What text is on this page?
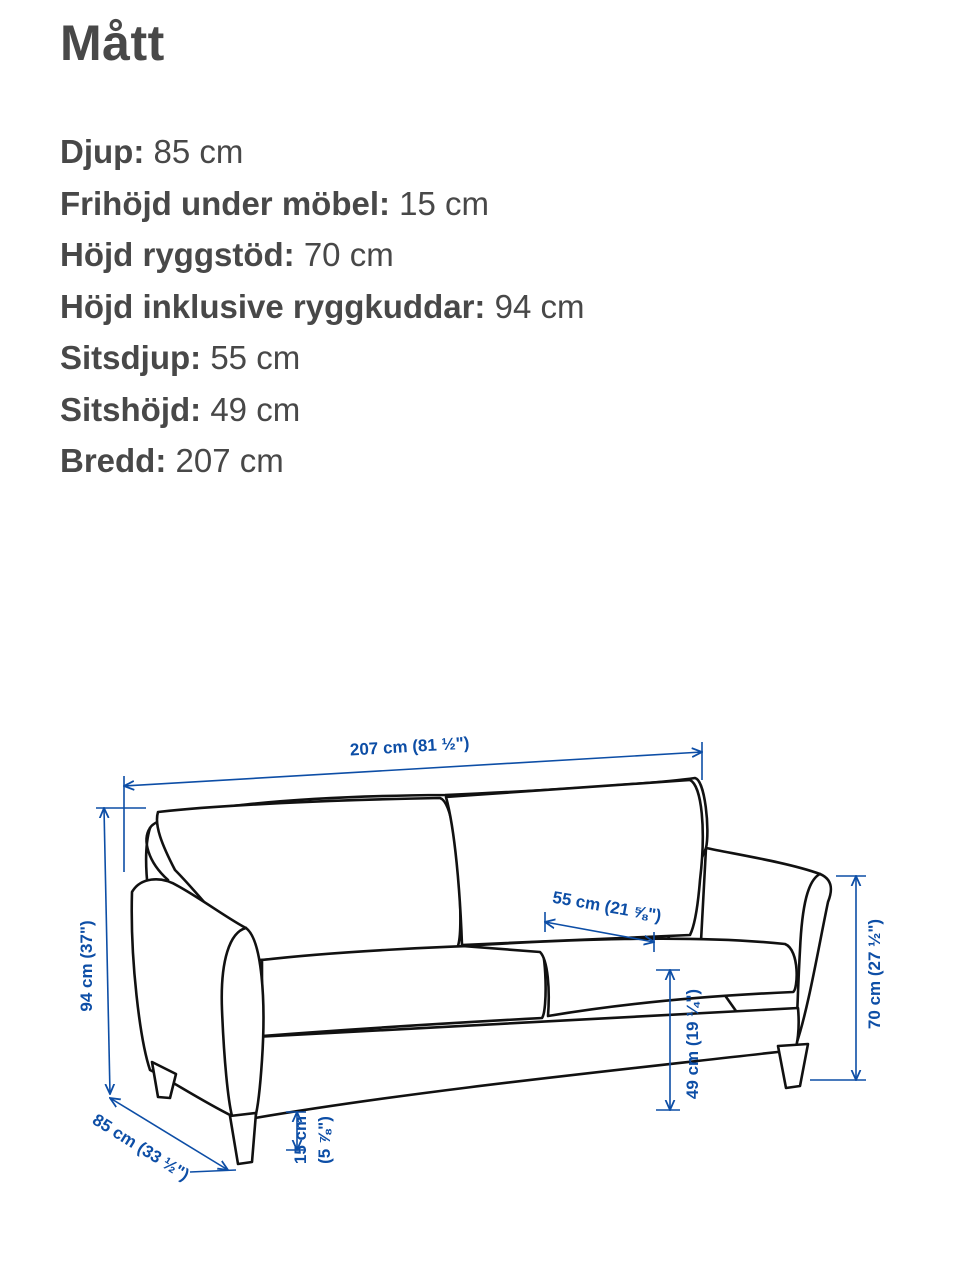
Mått
Djup: 85 cm
Frihöjd under möbel: 15 cm
Höjd ryggstöd: 70 cm
Höjd inklusive ryggkuddar: 94 cm
Sitsdjup: 55 cm
Sitshöjd: 49 cm
Bredd: 207 cm
207 cm (81 ½")
94 cm (37")
85 cm (33 ½")	15 cm (5 ⅞")
49 cm (19 ¼")
55 cm (21 ⅝")
70 cm (27 ½")
